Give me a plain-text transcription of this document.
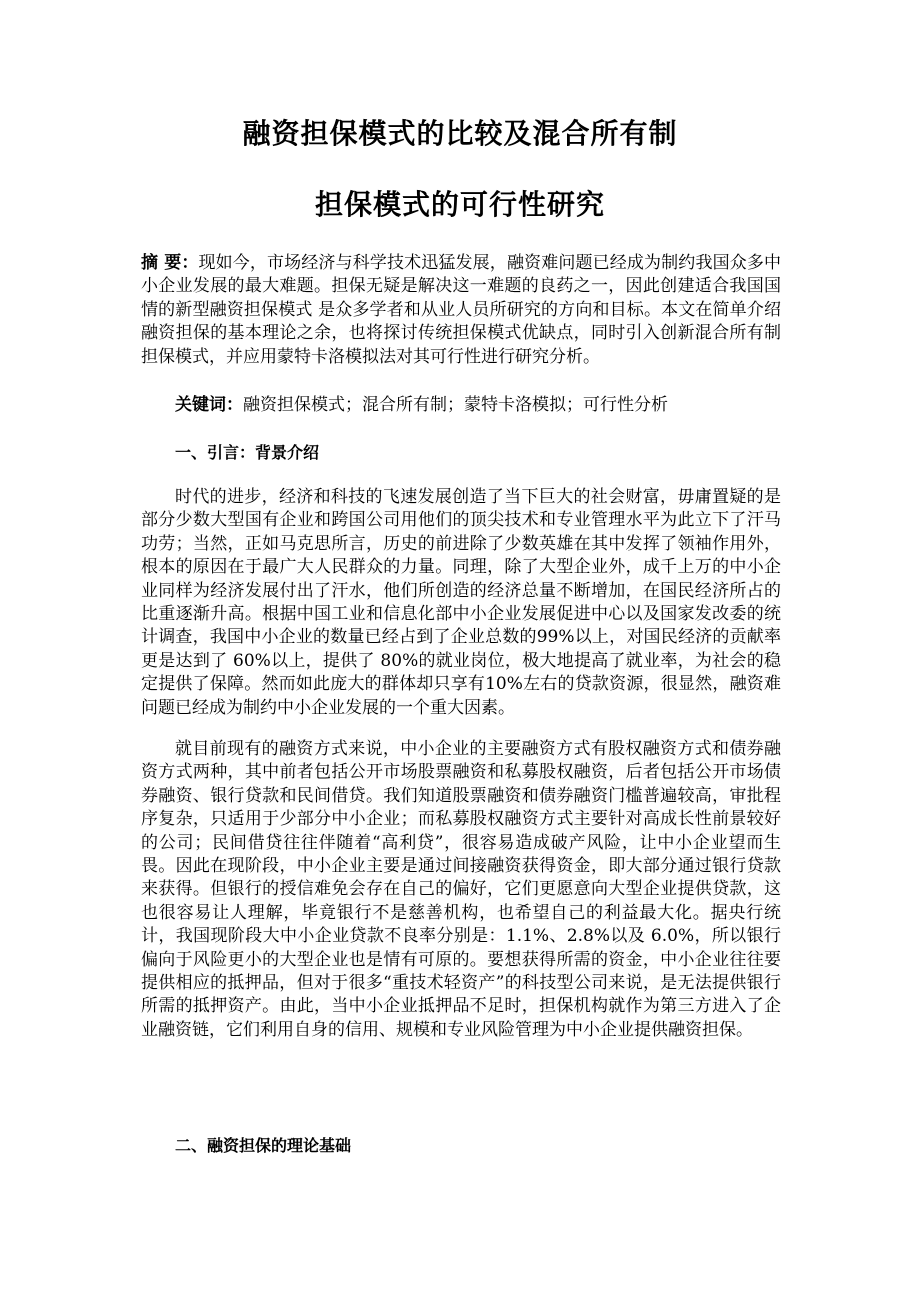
融资担保模式的比较及混合所有制
担保模式的可行性研究

摘 要：现如今，市场经济与科学技术迅猛发展，融资难问题已经成为制约我国众多中小企业发展的最大难题。担保无疑是解决这一难题的良药之一，因此创建适合我国国情的新型融资担保模式 是众多学者和从业人员所研究的方向和目标。本文在简单介绍融资担保的基本理论之余，也将探讨传统担保模式优缺点，同时引入创新混合所有制担保模式，并应用蒙特卡洛模拟法对其可行性进行研究分析。

关键词：融资担保模式；混合所有制；蒙特卡洛模拟；可行性分析
一、引言：背景介绍

时代的进步，经济和科技的飞速发展创造了当下巨大的社会财富，毋庸置疑的是部分少数大型国有企业和跨国公司用他们的顶尖技术和专业管理水平为此立下了汗马功劳；当然，正如马克思所言，历史的前进除了少数英雄在其中发挥了领袖作用外，根本的原因在于最广大人民群众的力量。同理，除了大型企业外，成千上万的中小企业同样为经济发展付出了汗水，他们所创造的经济总量不断增加，在国民经济所占的比重逐渐升高。根据中国工业和信息化部中小企业发展促进中心以及国家发改委的统计调查，我国中小企业的数量已经占到了企业总数的99%以上，对国民经济的贡献率更是达到了 60%以上，提供了 80%的就业岗位，极大地提高了就业率，为社会的稳定提供了保障。然而如此庞大的群体却只享有10%左右的贷款资源，很显然，融资难问题已经成为制约中小企业发展的一个重大因素。

就目前现有的融资方式来说，中小企业的主要融资方式有股权融资方式和债券融资方式两种，其中前者包括公开市场股票融资和私募股权融资，后者包括公开市场债券融资、银行贷款和民间借贷。我们知道股票融资和债券融资门槛普遍较高，审批程序复杂，只适用于少部分中小企业；而私募股权融资方式主要针对高成长性前景较好的公司；民间借贷往往伴随着“高利贷”，很容易造成破产风险，让中小企业望而生畏。因此在现阶段，中小企业主要是通过间接融资获得资金，即大部分通过银行贷款来获得。但银行的授信难免会存在自己的偏好，它们更愿意向大型企业提供贷款，这也很容易让人理解，毕竟银行不是慈善机构，也希望自己的利益最大化。据央行统计，我国现阶段大中小企业贷款不良率分别是：1.1%、2.8%以及 6.0%，所以银行偏向于风险更小的大型企业也是情有可原的。要想获得所需的资金，中小企业往往要提供相应的抵押品，但对于很多“重技术轻资产”的科技型公司来说，是无法提供银行所需的抵押资产。由此，当中小企业抵押品不足时，担保机构就作为第三方进入了企业融资链，它们利用自身的信用、规模和专业风险管理为中小企业提供融资担保。

二、融资担保的理论基础
